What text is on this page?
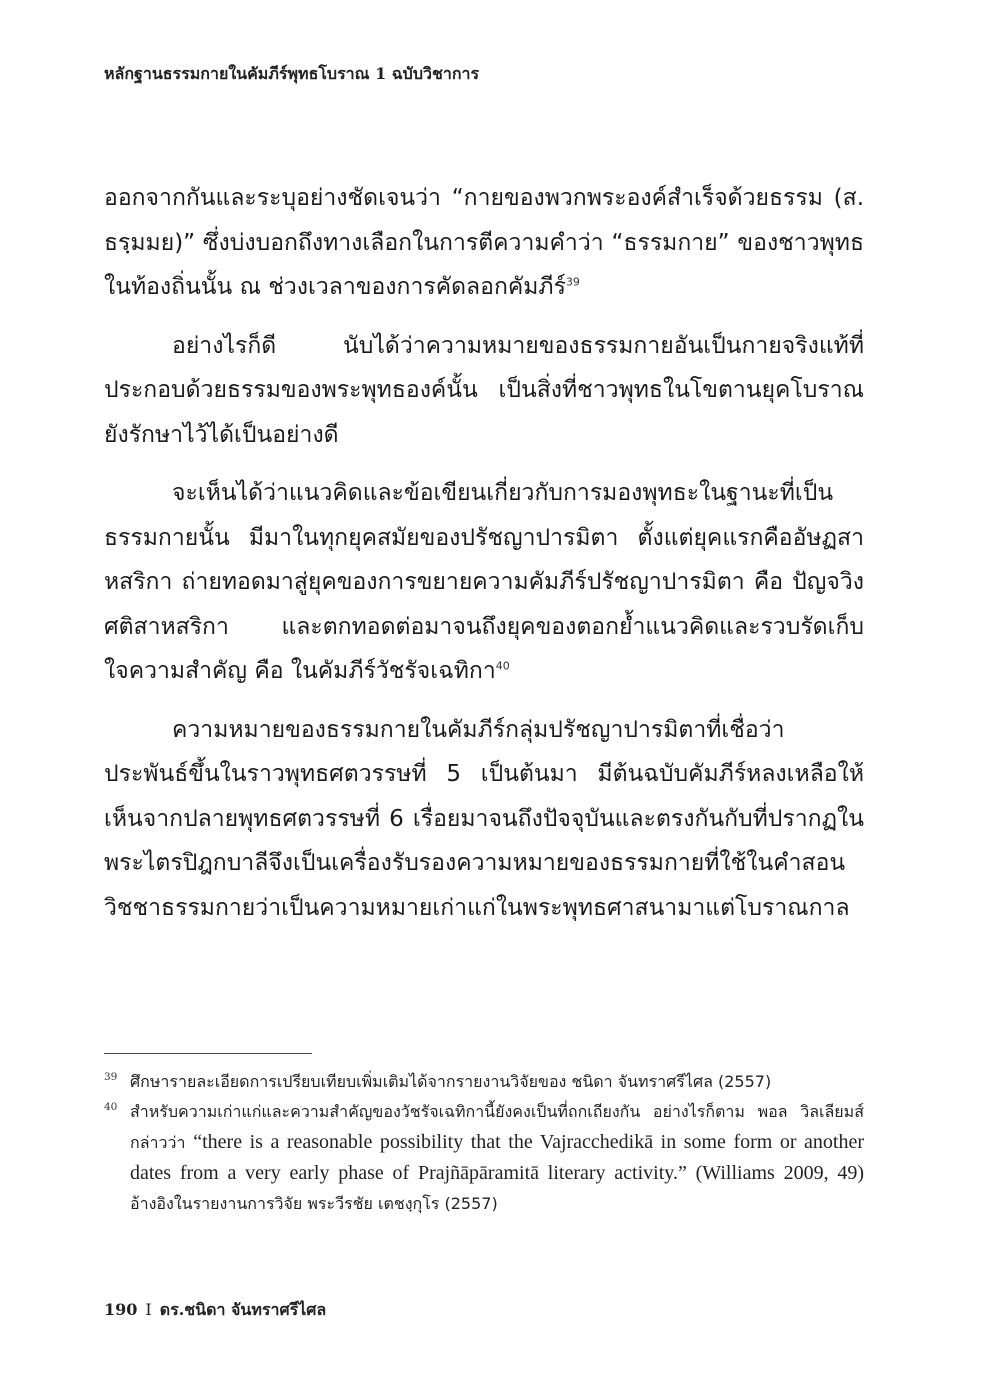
หลักฐานธรรมกายในคัมภีร์พุทธโบราณ 1 ฉบับวิชาการ

ออกจากกันและระบุอย่างชัดเจนว่า “กายของพวกพระองค์สำเร็จด้วยธรรม (ส. ธรฺมมย)” ซึ่งบ่งบอกถึงทางเลือกในการตีความคำว่า “ธรรมกาย” ของชาวพุทธในท้องถิ่นนั้น ณ ช่วงเวลาของการคัดลอกคัมภีร์$^{39}$

อย่างไรก็ดี นับได้ว่าความหมายของธรรมกายอันเป็นกายจริงแท้ที่ประกอบด้วยธรรมของพระพุทธองค์นั้น เป็นสิ่งที่ชาวพุทธในโขตานยุคโบราณยังรักษาไว้ได้เป็นอย่างดี

จะเห็นได้ว่าแนวคิดและข้อเขียนเกี่ยวกับการมองพุทธะในฐานะที่เป็นธรรมกายนั้น มีมาในทุกยุคสมัยของปรัชญาปารมิตา ตั้งแต่ยุคแรกคืออัษฏสาหสริกา ถ่ายทอดมาสู่ยุคของการขยายความคัมภีร์ปรัชญาปารมิตา คือ ปัญจวิงศติสาหสริกา และตกทอดต่อมาจนถึงยุคของตอกย้ำแนวคิดและรวบรัดเก็บใจความสำคัญ คือ ในคัมภีร์วัชรัจเฉทิกา$^{40}$

ความหมายของธรรมกายในคัมภีร์กลุ่มปรัชญาปารมิตาที่เชื่อว่าประพันธ์ขึ้นในราวพุทธศตวรรษที่ 5 เป็นต้นมา มีต้นฉบับคัมภีร์หลงเหลือให้เห็นจากปลายพุทธศตวรรษที่ 6 เรื่อยมาจนถึงปัจจุบันและตรงกันกับที่ปรากฏในพระไตรปิฎกบาลีจึงเป็นเครื่องรับรองความหมายของธรรมกายที่ใช้ในคำสอนวิชชาธรรมกายว่าเป็นความหมายเก่าแก่ในพระพุทธศาสนามาแต่โบราณกาล

39 ศึกษารายละเอียดการเปรียบเทียบเพิ่มเติมได้จากรายงานวิจัยของ ชนิดา จันทราศรีไศล (2557)
40 สำหรับความเก่าแก่และความสำคัญของวัชรัจเฉทิกานี้ยังคงเป็นที่ถกเถียงกัน อย่างไรก็ตาม พอล วิลเลียมส์ กล่าวว่า “there is a reasonable possibility that the Vajracchedikā in some form or another dates from a very early phase of Prajñāpāramitā literary activity.” (Williams 2009, 49) อ้างอิงในรายงานการวิจัย พระวีรชัย เตชงฺกุโร (2557)
190 I ดร.ชนิดา จันทราศรีไศล
